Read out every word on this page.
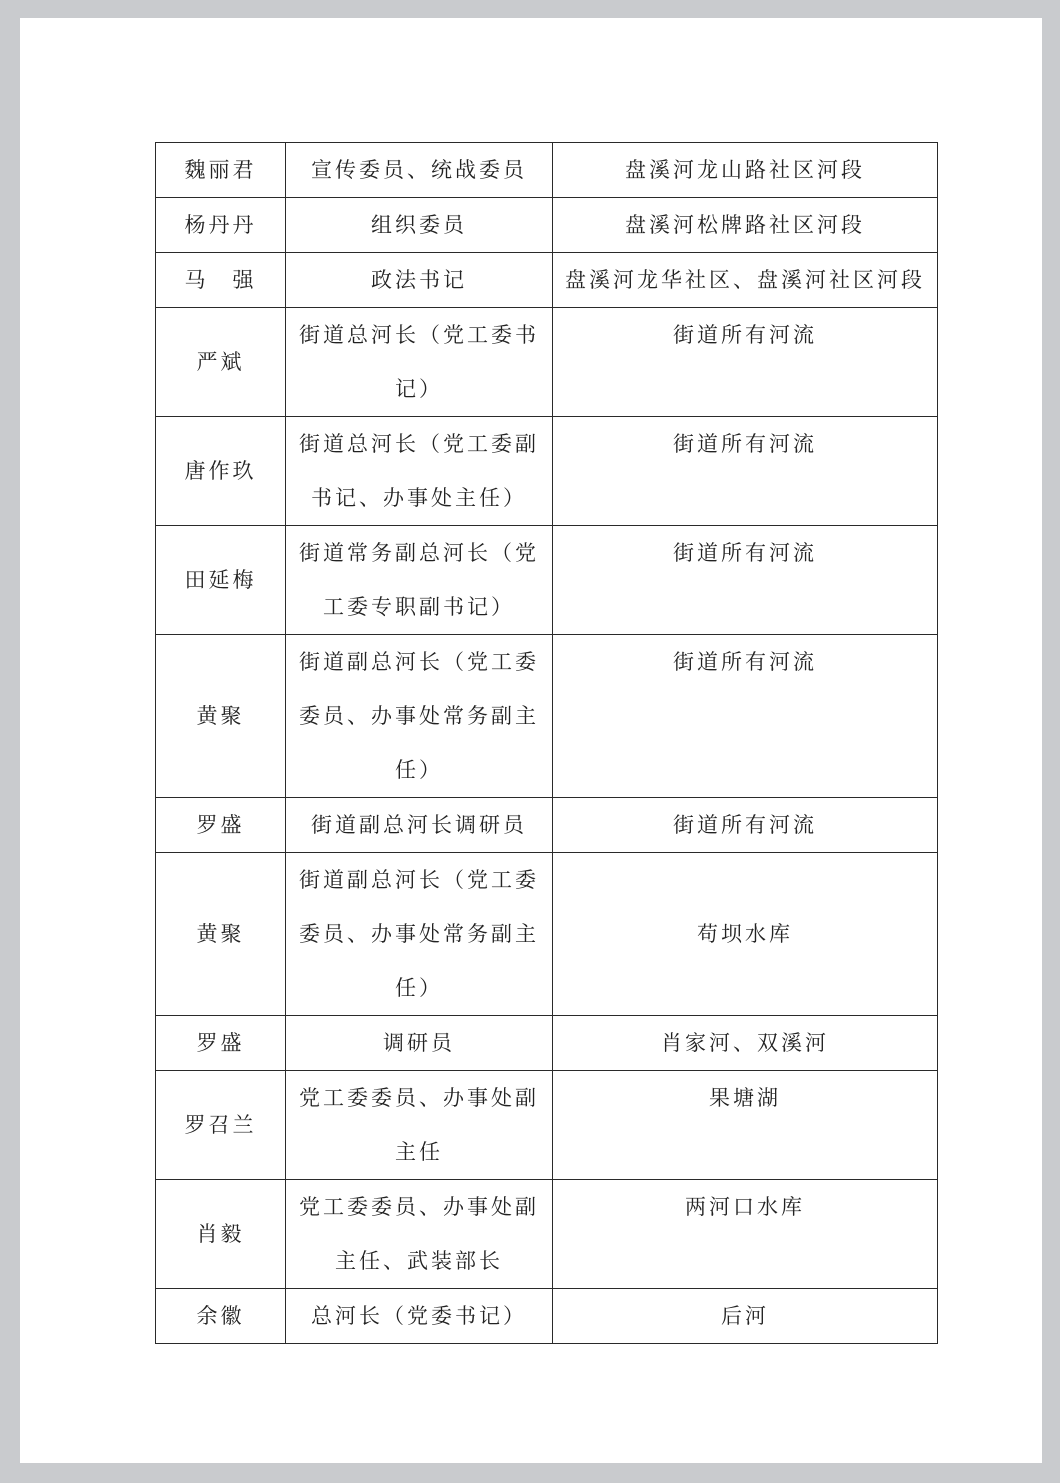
魏丽君	宣传委员、统战委员	盘溪河龙山路社区河段
杨丹丹	组织委员	盘溪河松牌路社区河段
马　强	政法书记	盘溪河龙华社区、盘溪河社区河段
严斌	街道总河长（党工委书记）	街道所有河流
唐作玖	街道总河长（党工委副书记、办事处主任）	街道所有河流
田延梅	街道常务副总河长（党工委专职副书记）	街道所有河流
黄聚	街道副总河长（党工委委员、办事处常务副主任）	街道所有河流
罗盛	街道副总河长调研员	街道所有河流
黄聚	街道副总河长（党工委委员、办事处常务副主任）	苟坝水库
罗盛	调研员	肖家河、双溪河
罗召兰	党工委委员、办事处副主任	果塘湖
肖毅	党工委委员、办事处副主任、武装部长	两河口水库
余徽	总河长（党委书记）	后河
